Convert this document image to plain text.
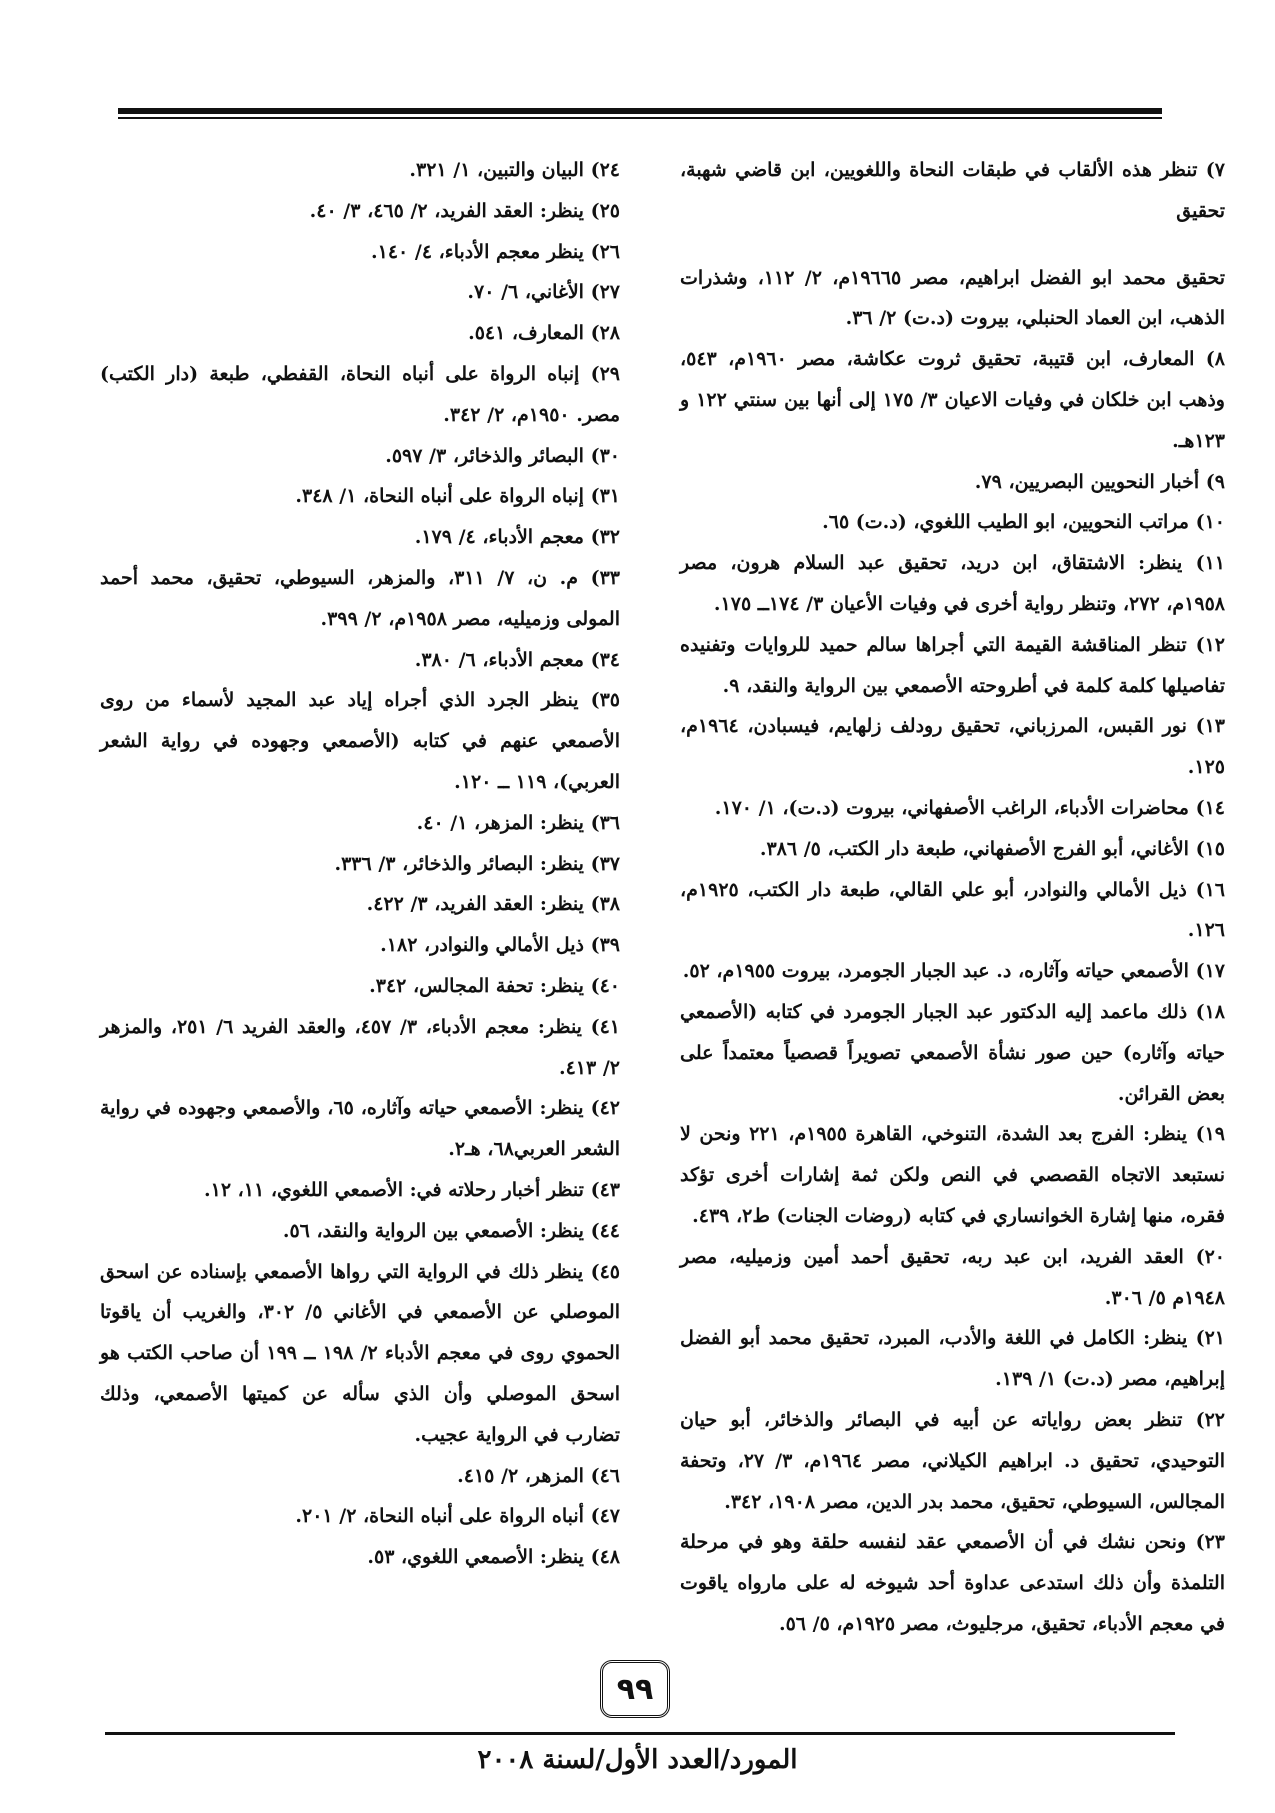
٧) تنظر هذه الألقاب في طبقات النحاة واللغويين، ابن قاضي شهبة، تحقيق

تحقيق محمد ابو الفضل ابراهيم، مصر ١٩٦٦٥م، ٢/ ١١٢، وشذرات الذهب، ابن العماد الحنبلي، بيروت (د.ت) ٢/ ٣٦.

٨) المعارف، ابن قتيبة، تحقيق ثروت عكاشة، مصر ١٩٦٠م، ٥٤٣، وذهب ابن خلكان في وفيات الاعيان ٣/ ١٧٥ إلى أنها بين سنتي ١٢٢ و ١٢٣هـ.

٩) أخبار النحويين البصريين، ٧٩.

١٠) مراتب النحويين، ابو الطيب اللغوي، (د.ت) ٦٥.

١١) ينظر: الاشتقاق، ابن دريد، تحقيق عبد السلام هرون، مصر ١٩٥٨م، ٢٧٢، وتنظر رواية أخرى في وفيات الأعيان ٣/ ١٧٤ــ ١٧٥.

١٢) تنظر المناقشة القيمة التي أجراها سالم حميد للروايات وتفنيده تفاصيلها كلمة كلمة في أطروحته الأصمعي بين الرواية والنقد، ٩.

١٣) نور القبس، المرزباني، تحقيق رودلف زلهايم، فيسبادن، ١٩٦٤م، ١٢٥.

١٤) محاضرات الأدباء، الراغب الأصفهاني، بيروت (د.ت)، ١/ ١٧٠.

١٥) الأغاني، أبو الفرج الأصفهاني، طبعة دار الكتب، ٥/ ٣٨٦.

١٦) ذيل الأمالي والنوادر، أبو علي القالي، طبعة دار الكتب، ١٩٢٥م، ١٢٦.

١٧) الأصمعي حياته وآثاره، د. عبد الجبار الجومرد، بيروت ١٩٥٥م، ٥٢.

١٨) ذلك ماعمد إليه الدكتور عبد الجبار الجومرد في كتابه (الأصمعي حياته وآثاره) حين صور نشأة الأصمعي تصويراً قصصياً معتمداً على بعض القرائن.

١٩) ينظر: الفرج بعد الشدة، التنوخي، القاهرة ١٩٥٥م، ٢٢١ ونحن لا نستبعد الاتجاه القصصي في النص ولكن ثمة إشارات أخرى تؤكد فقره، منها إشارة الخوانساري في كتابه (روضات الجنات) ط٢، ٤٣٩.

٢٠) العقد الفريد، ابن عبد ربه، تحقيق أحمد أمين وزميليه، مصر ١٩٤٨م ٥/ ٣٠٦.

٢١) ينظر: الكامل في اللغة والأدب، المبرد، تحقيق محمد أبو الفضل إبراهيم، مصر (د.ت) ١/ ١٣٩.

٢٢) تنظر بعض رواياته عن أبيه في البصائر والذخائر، أبو حيان التوحيدي، تحقيق د. ابراهيم الكيلاني، مصر ١٩٦٤م، ٣/ ٢٧، وتحفة المجالس، السيوطي، تحقيق، محمد بدر الدين، مصر ١٩٠٨، ٣٤٢.

٢٣) ونحن نشك في أن الأصمعي عقد لنفسه حلقة وهو في مرحلة التلمذة وأن ذلك استدعى عداوة أحد شيوخه له على مارواه ياقوت في معجم الأدباء، تحقيق، مرجليوث، مصر ١٩٢٥م، ٥/ ٥٦.

٢٤) البيان والتبين، ١/ ٣٢١.

٢٥) ينظر: العقد الفريد، ٢/ ٤٦٥، ٣/ ٤٠.

٢٦) ينظر معجم الأدباء، ٤/ ١٤٠.

٢٧) الأغاني، ٦/ ٧٠.

٢٨) المعارف، ٥٤١.

٢٩) إنباه الرواة على أنباه النحاة، القفطي، طبعة (دار الكتب) مصر. ١٩٥٠م، ٢/ ٣٤٢.

٣٠) البصائر والذخائر، ٣/ ٥٩٧.

٣١) إنباه الرواة على أنباه النحاة، ١/ ٣٤٨.

٣٢) معجم الأدباء، ٤/ ١٧٩.

٣٣) م. ن، ٧/ ٣١١، والمزهر، السيوطي، تحقيق، محمد أحمد المولى وزميليه، مصر ١٩٥٨م، ٢/ ٣٩٩.

٣٤) معجم الأدباء، ٦/ ٣٨٠.

٣٥) ينظر الجرد الذي أجراه إياد عبد المجيد لأسماء من روى الأصمعي عنهم في كتابه (الأصمعي وجهوده في رواية الشعر العربي)، ١١٩ ــ ١٢٠.

٣٦) ينظر: المزهر، ١/ ٤٠.

٣٧) ينظر: البصائر والذخائر، ٣/ ٣٣٦.

٣٨) ينظر: العقد الفريد، ٣/ ٤٢٢.

٣٩) ذيل الأمالي والنوادر، ١٨٢.

٤٠) ينظر: تحفة المجالس، ٣٤٢.

٤١) ينظر: معجم الأدباء، ٣/ ٤٥٧، والعقد الفريد ٦/ ٢٥١، والمزهر ٢/ ٤١٣.

٤٢) ينظر: الأصمعي حياته وآثاره، ٦٥، والأصمعي وجهوده في رواية الشعر العربي٦٨، هـ٢.

٤٣) تنظر أخبار رحلاته في: الأصمعي اللغوي، ١١، ١٢.

٤٤) ينظر: الأصمعي بين الرواية والنقد، ٥٦.

٤٥) ينظر ذلك في الرواية التي رواها الأصمعي بإسناده عن اسحق الموصلي عن الأصمعي في الأغاني ٥/ ٣٠٢، والغريب أن ياقوتا الحموي روى في معجم الأدباء ٢/ ١٩٨ ــ ١٩٩ أن صاحب الكتب هو اسحق الموصلي وأن الذي سأله عن كميتها الأصمعي، وذلك تضارب في الرواية عجيب.

٤٦) المزهر، ٢/ ٤١٥.

٤٧) أنباه الرواة على أنباه النحاة، ٢/ ٢٠١.

٤٨) ينظر: الأصمعي اللغوي، ٥٣.

٩٩
المورد/العدد الأول/لسنة ٢٠٠٨
